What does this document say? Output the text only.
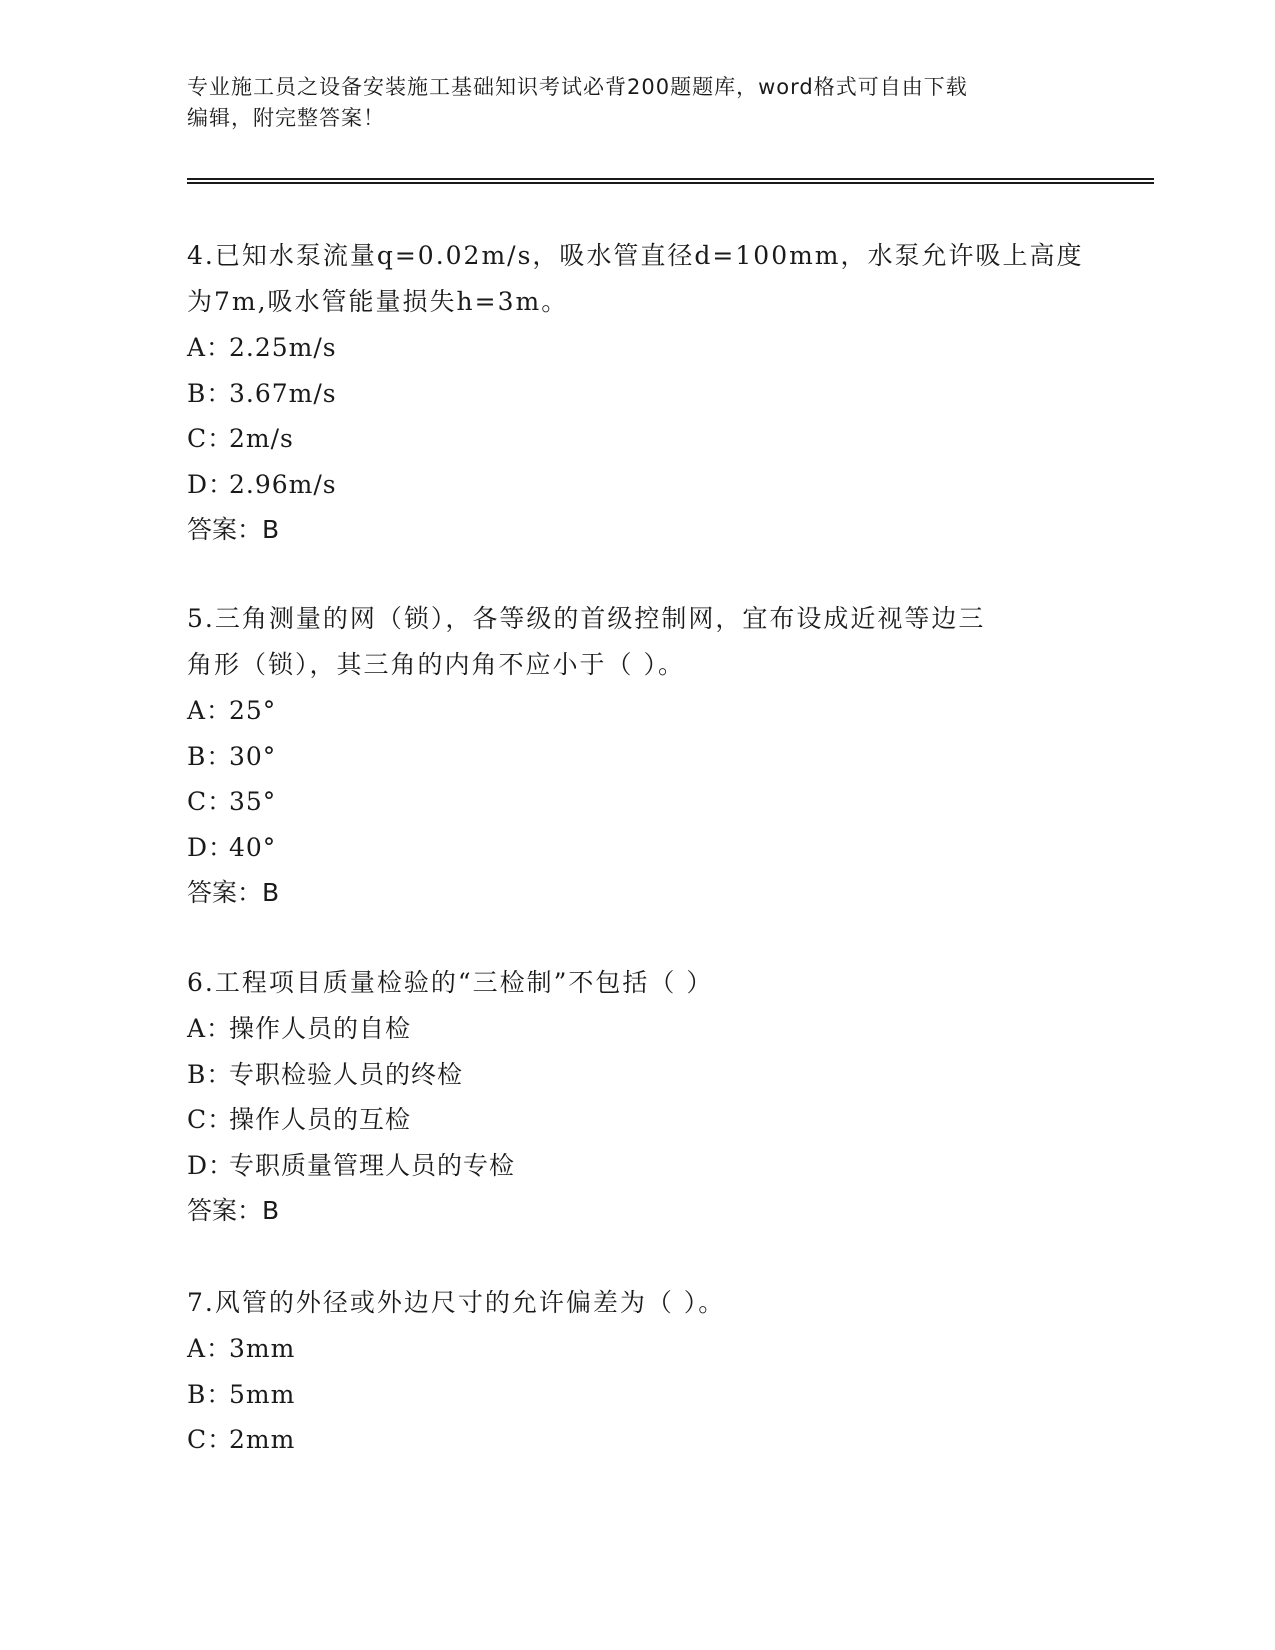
专业施工员之设备安装施工基础知识考试必背200题题库，word格式可自由下载
编辑，附完整答案！

4.已知水泵流量q=0.02m/s，吸水管直径d=100mm，水泵允许吸上高度

为7m,吸水管能量损失h=3m。

A：2.25m/s

B：3.67m/s

C：2m/s

D：2.96m/s

答案：B

5.三角测量的网（锁），各等级的首级控制网，宜布设成近视等边三

角形（锁），其三角的内角不应小于（ ）。

A：25°

B：30°

C：35°

D：40°

答案：B

6.工程项目质量检验的“三检制”不包括（ ）

A：操作人员的自检

B：专职检验人员的终检

C：操作人员的互检

D：专职质量管理人员的专检

答案：B

7.风管的外径或外边尺寸的允许偏差为（ ）。

A：3mm

B：5mm

C：2mm
